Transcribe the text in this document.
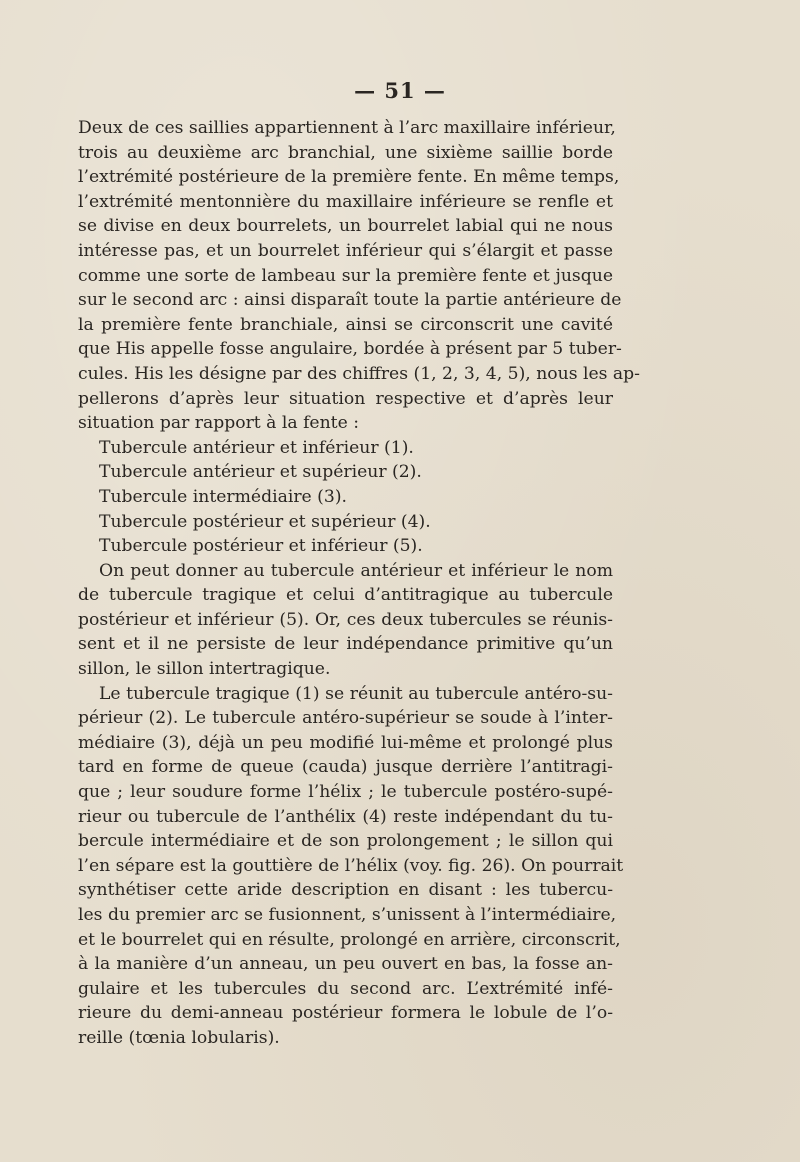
— 51 —
Deux de ces saillies appartiennent à l’arc maxillaire inférieur,
trois au deuxième arc branchial, une sixième saillie borde
l’extrémité postérieure de la première fente. En même temps,
l’extrémité mentonnière du maxillaire inférieure se renfle et
se divise en deux bourrelets, un bourrelet labial qui ne nous
intéresse pas, et un bourrelet inférieur qui s’élargit et passe
comme une sorte de lambeau sur la première fente et jusque
sur le second arc : ainsi disparaît toute la partie antérieure de
la première fente branchiale, ainsi se circonscrit une cavité
que His appelle fosse angulaire, bordée à présent par 5 tuber-
cules. His les désigne par des chiffres (1, 2, 3, 4, 5), nous les ap-
pellerons d’après leur situation respective et d’après leur
situation par rapport à la fente :
Tubercule antérieur et inférieur (1).
Tubercule antérieur et supérieur (2).
Tubercule intermédiaire (3).
Tubercule postérieur et supérieur (4).
Tubercule postérieur et inférieur (5).
On peut donner au tubercule antérieur et inférieur le nom
de tubercule tragique et celui d’antitragique au tubercule
postérieur et inférieur (5). Or, ces deux tubercules se réunis-
sent et il ne persiste de leur indépendance primitive qu’un
sillon, le sillon intertragique.
Le tubercule tragique (1) se réunit au tubercule antéro-su-
périeur (2). Le tubercule antéro-supérieur se soude à l’inter-
médiaire (3), déjà un peu modifié lui-même et prolongé plus
tard en forme de queue (cauda) jusque derrière l’antitragi-
que ; leur soudure forme l’hélix ; le tubercule postéro-supé-
rieur ou tubercule de l’anthélix (4) reste indépendant du tu-
bercule intermédiaire et de son prolongement ; le sillon qui
l’en sépare est la gouttière de l’hélix (voy. fig. 26). On pourrait
synthétiser cette aride description en disant : les tubercu-
les du premier arc se fusionnent, s’unissent à l’intermédiaire,
et le bourrelet qui en résulte, prolongé en arrière, circonscrit,
à la manière d’un anneau, un peu ouvert en bas, la fosse an-
gulaire et les tubercules du second arc. L’extrémité infé-
rieure du demi-anneau postérieur formera le lobule de l’o-
reille (tœnia lobularis).
